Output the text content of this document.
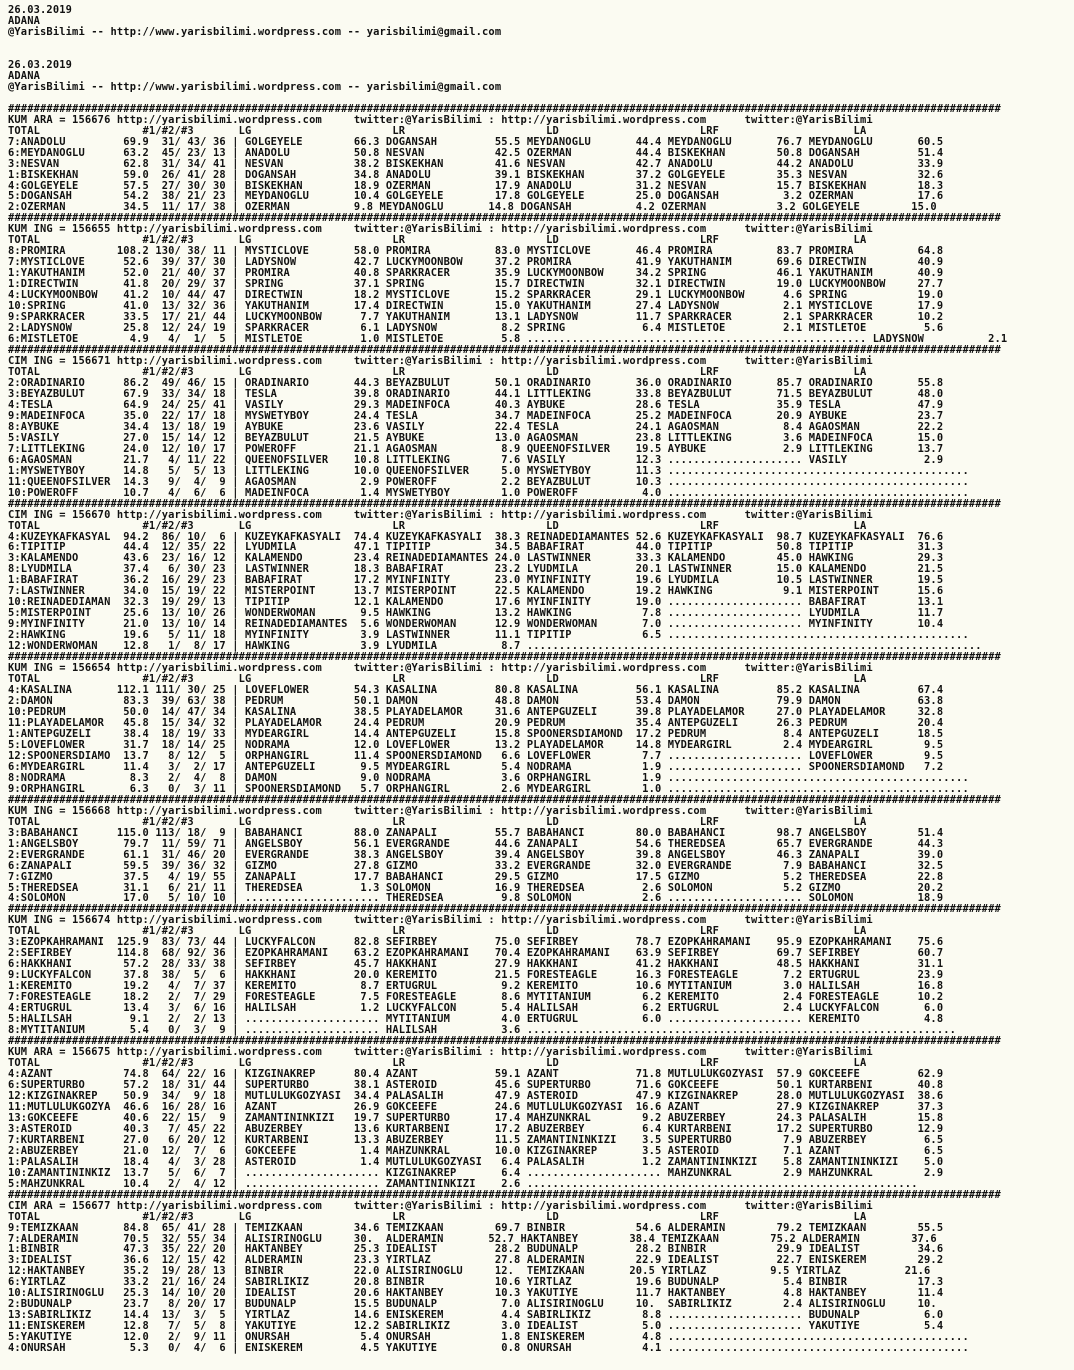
26.03.2019
ADANA
@YarisBilimi -- http://www.yarisbilimi.wordpress.com -- yarisbilimi@gmail.com

26.03.2019
ADANA
@YarisBilimi -- http://www.yarisbilimi.wordpress.com -- yarisbilimi@gmail.com

###########################################################################################################################################################
KUM ARA = 156676 http://yarisbilimi.wordpress.com     twitter:@YarisBilimi : http://yarisbilimi.wordpress.com      twitter:@YarisBilimi
TOTAL                #1/#2/#3       LG                      LR                      LD                      LRF                     LA
7:ANADOLU         69.9  31/ 43/ 36 | GOLGEYELE        66.3 DOGANSAH         55.5 MEYDANOGLU       44.4 MEYDANOGLU       76.7 MEYDANOGLU       60.5
6:MEYDANOGLU      63.2  45/ 23/ 13 | ANADOLU          50.8 NESVAN           42.5 OZERMAN          44.4 BISKEKHAN        50.8 DOGANSAH         51.4
3:NESVAN          62.8  31/ 34/ 41 | NESVAN           38.2 BISKEKHAN        41.6 NESVAN           42.7 ANADOLU          44.2 ANADOLU          33.9
1:BISKEKHAN       59.0  26/ 41/ 28 | DOGANSAH         34.8 ANADOLU          39.1 BISKEKHAN        37.2 GOLGEYELE        35.3 NESVAN           32.6
4:GOLGEYELE       57.5  27/ 30/ 30 | BISKEKHAN        18.9 OZERMAN          17.9 ANADOLU          31.2 NESVAN           15.7 BISKEKHAN        18.3
5:DOGANSAH        54.2  38/ 21/ 23 | MEYDANOGLU       10.4 GOLGEYELE        17.8 GOLGEYELE        25.0 DOGANSAH          3.2 OZERMAN          17.6
2:OZERMAN         34.5  11/ 17/ 38 | OZERMAN          9.8 MEYDANOGLU       14.8 DOGANSAH          4.2 OZERMAN           3.2 GOLGEYELE        15.0
###########################################################################################################################################################
KUM ING = 156655 http://yarisbilimi.wordpress.com     twitter:@YarisBilimi : http://yarisbilimi.wordpress.com      twitter:@YarisBilimi
TOTAL                #1/#2/#3       LG                      LR                      LD                      LRF                     LA
8:PROMIRA        108.2 130/ 38/ 11 | MYSTICLOVE       58.0 PROMIRA          83.0 MYSTICLOVE       46.4 PROMIRA          83.7 PROMIRA          64.8
7:MYSTICLOVE      52.6  39/ 37/ 30 | LADYSNOW         42.7 LUCKYMOONBOW     37.2 PROMIRA          41.9 YAKUTHANIM       69.6 DIRECTWIN        40.9
1:YAKUTHANIM      52.0  21/ 40/ 37 | PROMIRA          40.8 SPARKRACER       35.9 LUCKYMOONBOW     34.2 SPRING           46.1 YAKUTHANIM       40.9
1:DIRECTWIN       41.8  20/ 29/ 37 | SPRING           37.1 SPRING           15.7 DIRECTWIN        32.1 DIRECTWIN        19.0 LUCKYMOONBOW     27.7
4:LUCKYMOONBOW    41.2  10/ 44/ 47 | DIRECTWIN        18.2 MYSTICLOVE       15.2 SPARKRACER       29.1 LUCKYMOONBOW      4.6 SPRING           19.0
10:SPRING         41.0  13/ 32/ 36 | YAKUTHANIM       17.4 DIRECTWIN        15.0 YAKUTHANIM       27.4 LADYSNOW          2.1 MYSTICLOVE       17.9
9:SPARKRACER      33.5  17/ 21/ 44 | LUCKYMOONBOW      7.7 YAKUTHANIM       13.1 LADYSNOW         11.7 SPARKRACER        2.1 SPARKRACER       10.2
2:LADYSNOW        25.8  12/ 24/ 19 | SPARKRACER        6.1 LADYSNOW          8.2 SPRING            6.4 MISTLETOE         2.1 MISTLETOE         5.6
6:MISTLETOE        4.9   4/  1/  5 | MISTLETOE         1.0 MISTLETOE         5.8 ..................................................... LADYSNOW          2.1
###########################################################################################################################################################
CIM ING = 156671 http://yarisbilimi.wordpress.com     twitter:@YarisBilimi : http://yarisbilimi.wordpress.com      twitter:@YarisBilimi
TOTAL                #1/#2/#3       LG                      LR                      LD                      LRF                     LA
2:ORADINARIO      86.2  49/ 46/ 15 | ORADINARIO       44.3 BEYAZBULUT       50.1 ORADINARIO       36.0 ORADINARIO       85.7 ORADINARIO       55.8
3:BEYAZBULUT      67.9  33/ 34/ 18 | TESLA            39.8 ORADINARIO       44.1 LITTLEKING       33.8 BEYAZBULUT       71.5 BEYAZBULUT       48.0
4:TESLA           64.9  24/ 25/ 41 | VASILY           29.3 MADEINFOCA       40.3 AYBUKE           28.6 TESLA            35.9 TESLA            47.9
9:MADEINFOCA      35.0  22/ 17/ 18 | MYSWETYBOY       24.4 TESLA            34.7 MADEINFOCA       25.2 MADEINFOCA       20.9 AYBUKE           23.7
8:AYBUKE          34.4  13/ 18/ 19 | AYBUKE           23.6 VASILY           22.4 TESLA            24.1 AGAOSMAN          8.4 AGAOSMAN         22.2
5:VASILY          27.0  15/ 14/ 12 | BEYAZBULUT       21.5 AYBUKE           13.0 AGAOSMAN         23.8 LITTLEKING        3.6 MADEINFOCA       15.0
7:LITTLEKING      24.0  12/ 10/ 17 | POWEROFF         21.1 AGAOSMAN          8.9 QUEENOFSILVER    19.5 AYBUKE            2.9 LITTLEKING       13.7
6:AGAOSMAN        21.7   4/ 11/ 22 | QUEENOFSILVER    10.8 LITTLEKING        7.6 VASILY           12.3 ..................... VASILY            2.9
1:MYSWETYBOY      14.8   5/  5/ 13 | LITTLEKING       10.0 QUEENOFSILVER     5.0 MYSWETYBOY       11.3 ...............................................
11:QUEENOFSILVER  14.3   9/  4/  9 | AGAOSMAN          2.9 POWEROFF          2.2 BEYAZBULUT       10.3 ...............................................
10:POWEROFF       10.7   4/  6/  6 | MADEINFOCA        1.4 MYSWETYBOY        1.0 POWEROFF          4.0 ...............................................
###########################################################################################################################################################
CIM ING = 156670 http://yarisbilimi.wordpress.com     twitter:@YarisBilimi : http://yarisbilimi.wordpress.com      twitter:@YarisBilimi
TOTAL                #1/#2/#3       LG                      LR                      LD                      LRF                     LA
4:KUZEYKAFKASYAL  94.2  86/ 10/  6 | KUZEYKAFKASYALI  74.4 KUZEYKAFKASYALI  38.3 REINADEDIAMANTES 52.6 KUZEYKAFKASYALI  98.7 KUZEYKAFKASYALI  76.6
6:TIPITIP         44.4  12/ 35/ 22 | LYUDMILA         47.1 TIPITIP          34.5 BABAFIRAT        44.0 TIPITIP          50.8 TIPITIP          31.3
3:KALAMENDO       43.6  23/ 16/ 12 | KALAMENDO        23.4 REINADEDIAMANTES 24.0 LASTWINNER       33.3 KALAMENDO        45.0 HAWKING          29.3
8:LYUDMILA        37.4   6/ 30/ 23 | LASTWINNER       18.3 BABAFIRAT        23.2 LYUDMILA         20.1 LASTWINNER       15.0 KALAMENDO        21.5
1:BABAFIRAT       36.2  16/ 29/ 23 | BABAFIRAT        17.2 MYINFINITY       23.0 MYINFINITY       19.6 LYUDMILA         10.5 LASTWINNER       19.5
7:LASTWINNER      34.0  15/ 19/ 22 | MISTERPOINT      13.7 MISTERPOINT      22.5 KALAMENDO        19.2 HAWKING           9.1 MISTERPOINT      15.6
10:REINADEDIAMAN  32.3  19/ 29/ 13 | TIPITIP          12.1 KALAMENDO        17.6 MYINFINITY       19.0 ..................... BABAFIRAT        13.1
5:MISTERPOINT     25.6  13/ 10/ 26 | WONDERWOMAN       9.5 HAWKING          13.2 HAWKING           7.8 ..................... LYUDMILA         11.7
9:MYINFINITY      21.0  13/ 10/ 14 | REINADEDIAMANTES  5.6 WONDERWOMAN      12.9 WONDERWOMAN       7.0 ..................... MYINFINITY       10.4
2:HAWKING         19.6   5/ 11/ 18 | MYINFINITY        3.9 LASTWINNER       11.1 TIPITIP           6.5 ...............................................
12:WONDERWOMAN    12.8   1/  8/ 17 | HAWKING           3.9 LYUDMILA          8.7 .......................................................................
###########################################################################################################################################################
KUM ING = 156654 http://yarisbilimi.wordpress.com     twitter:@YarisBilimi : http://yarisbilimi.wordpress.com      twitter:@YarisBilimi
TOTAL                #1/#2/#3       LG                      LR                      LD                      LRF                     LA
4:KASALINA       112.1 111/ 30/ 25 | LOVEFLOWER       54.3 KASALINA         80.8 KASALINA         56.1 KASALINA         85.2 KASALINA         67.4
2:DAMON           83.3  39/ 63/ 38 | PEDRUM           50.1 DAMON            48.8 DAMON            53.4 DAMON            79.9 DAMON            63.8
10:PEDRUM         50.0  14/ 47/ 34 | KASALINA         38.5 PLAYADELAMOR     31.6 ANTEPGUZELI      39.8 PLAYADELAMOR     27.0 PLAYADELAMOR     32.8
11:PLAYADELAMOR   45.8  15/ 34/ 32 | PLAYADELAMOR     24.4 PEDRUM           20.9 PEDRUM           35.4 ANTEPGUZELI      26.3 PEDRUM           20.4
1:ANTEPGUZELI     38.4  18/ 19/ 33 | MYDEARGIRL       14.4 ANTEPGUZELI      15.8 SPOONERSDIAMOND  17.2 PEDRUM            8.4 ANTEPGUZELI      18.5
5:LOVEFLOWER      31.7  18/ 14/ 25 | NODRAMA          12.0 LOVEFLOWER       13.2 PLAYADELAMOR     14.8 MYDEARGIRL        2.4 MYDEARGIRL        9.5
12:SPOONERSDIAMO  13.7   8/ 12/  5 | ORPHANGIRL       11.4 SPOONERSDIAMOND   6.6 LOVEFLOWER        7.7 ..................... LOVEFLOWER        9.5
6:MYDEARGIRL      11.4   3/  2/ 17 | ANTEPGUZELI       9.5 MYDEARGIRL        5.4 NODRAMA           1.9 ..................... SPOONERSDIAMOND   7.2
8:NODRAMA          8.3   2/  4/  8 | DAMON             9.0 NODRAMA           3.6 ORPHANGIRL        1.9 ...............................................
9:ORPHANGIRL       6.3   0/  3/ 11 | SPOONERSDIAMOND   5.7 ORPHANGIRL        2.6 MYDEARGIRL        1.0 ...............................................
###########################################################################################################################################################
KUM ING = 156668 http://yarisbilimi.wordpress.com     twitter:@YarisBilimi : http://yarisbilimi.wordpress.com      twitter:@YarisBilimi
TOTAL                #1/#2/#3       LG                      LR                      LD                      LRF                     LA
3:BABAHANCI      115.0 113/ 18/  9 | BABAHANCI        88.0 ZANAPALI         55.7 BABAHANCI        80.0 BABAHANCI        98.7 ANGELSBOY        51.4
1:ANGELSBOY       79.7  11/ 59/ 71 | ANGELSBOY        56.1 EVERGRANDE       44.6 ZANAPALI         54.6 THEREDSEA        65.7 EVERGRANDE       44.3
2:EVERGRANDE      61.1  31/ 46/ 20 | EVERGRANDE       38.3 ANGELSBOY        39.4 ANGELSBOY        39.8 ANGELSBOY        46.3 ZANAPALI         39.0
6:ZANAPALI        59.5  39/ 36/ 32 | GIZMO            27.8 GIZMO            33.2 EVERGRANDE       32.0 EVERGRANDE        7.9 BABAHANCI        32.5
7:GIZMO           37.5   4/ 19/ 55 | ZANAPALI         17.7 BABAHANCI        29.5 GIZMO            17.5 GIZMO             5.2 THEREDSEA        22.8
5:THEREDSEA       31.1   6/ 21/ 11 | THEREDSEA         1.3 SOLOMON          16.9 THEREDSEA         2.6 SOLOMON           5.2 GIZMO            20.2
4:SOLOMON         17.0   5/ 10/ 10 | ..................... THEREDSEA         9.8 SOLOMON           2.6 ..................... SOLOMON          18.9
###########################################################################################################################################################
KUM ING = 156674 http://yarisbilimi.wordpress.com     twitter:@YarisBilimi : http://yarisbilimi.wordpress.com      twitter:@YarisBilimi
TOTAL                #1/#2/#3       LG                      LR                      LD                      LRF                     LA
3:EZOPKAHRAMANI  125.9  83/ 73/ 44 | LUCKYFALCON      82.8 SEFIRBEY         75.0 SEFIRBEY         78.7 EZOPKAHRAMANI    95.9 EZOPKAHRAMANI    75.6
2:SEFIRBEY       114.8  68/ 92/ 36 | EZOPKAHRAMANI    63.2 EZOPKAHRAMANI    70.4 EZOPKAHRAMANI    63.9 SEFIRBEY         69.7 SEFIRBEY         60.7
6:HAKKHANI        57.2  28/ 33/ 38 | SEFIRBEY         45.7 HAKKHANI         27.9 HAKKHANI         41.2 HAKKHANI         48.5 HAKKHANI         31.1
9:LUCKYFALCON     37.8  38/  5/  6 | HAKKHANI         20.0 KEREMITO         21.5 FORESTEAGLE      16.3 FORESTEAGLE       7.2 ERTUGRUL         23.9
1:KEREMITO        19.2   4/  7/ 37 | KEREMITO          8.7 ERTUGRUL          9.2 KEREMITO         10.6 MYTITANIUM        3.0 HALILSAH         16.8
7:FORESTEAGLE     18.2   2/  7/ 29 | FORESTEAGLE       7.5 FORESTEAGLE       8.6 MYTITANIUM        6.2 KEREMITO          2.4 FORESTEAGLE      10.2
4:ERTUGRUL        13.4   3/  6/ 16 | HALILSAH          1.2 LUCKYFALCON       5.4 HALILSAH          6.2 ERTUGRUL          2.4 LUCKYFALCON       6.0
5:HALILSAH         9.1   2/  2/ 13 | ..................... MYTITANIUM        4.0 ERTUGRUL          6.0 ..................... KEREMITO          4.8
8:MYTITANIUM       5.4   0/  3/  9 | ..................... HALILSAH          3.6 ...................................................................
###########################################################################################################################################################
KUM ARA = 156675 http://yarisbilimi.wordpress.com     twitter:@YarisBilimi : http://yarisbilimi.wordpress.com      twitter:@YarisBilimi
TOTAL                #1/#2/#3       LG                      LR                      LD                      LRF                     LA
4:AZANT           74.8  64/ 22/ 16 | KIZGINAKREP      80.4 AZANT            59.1 AZANT            71.8 MUTLULUKGOZYASI  57.9 GOKCEEFE         62.9
6:SUPERTURBO      57.2  18/ 31/ 44 | SUPERTURBO       38.1 ASTEROID         45.6 SUPERTURBO       71.6 GOKCEEFE         50.1 KURTARBENI       40.8
12:KIZGINAKREP    50.9  34/  9/ 18 | MUTLULUKGOZYASI  34.4 PALASALIH        47.9 ASTEROID         47.9 KIZGINAKREP      28.0 MUTLULUKGOZYASI  38.6
11:MUTLULUKGOZYA  46.6  16/ 28/ 16 | AZANT            26.9 GOKCEEFE         24.6 MUTLULUKGOZYASI  16.6 AZANT            27.9 KIZGINAKREP      37.3
13:GOKCEEFE       40.6  22/ 15/  9 | ZAMANTININKIZI   19.7 SUPERTURBO       17.4 MAHZUNKRAL        9.2 ABUZERBEY        24.3 PALASALIH        15.8
3:ASTEROID        40.3   7/ 45/ 22 | ABUZERBEY        13.6 KURTARBENI       17.2 ABUZERBEY         6.4 KURTARBENI       17.2 SUPERTURBO       12.9
7:KURTARBENI      27.0   6/ 20/ 12 | KURTARBENI       13.3 ABUZERBEY        11.5 ZAMANTININKIZI    3.5 SUPERTURBO        7.9 ABUZERBEY         6.5
2:ABUZERBEY       21.0  12/  7/  6 | GOKCEEFE          1.4 MAHZUNKRAL       10.0 KIZGINAKREP       3.5 ASTEROID          7.1 AZANT             6.5
1:PALASALIH       18.4   4/  3/ 28 | ASTEROID          1.4 MUTLULUKGOZYASI   6.4 PALASALIH         1.2 ZAMANTININKIZI    5.8 ZAMANTININKIZI    5.0
10:ZAMANTININKIZ  13.7   5/  6/  7 | ..................... KIZGINAKREP       6.4 ..................... MAHZUNKRAL        2.9 MAHZUNKRAL        2.9
5:MAHZUNKRAL      10.4   2/  4/ 12 | ..................... ZAMANTININKIZI    2.6 .............................................................
###########################################################################################################################################################
CIM ARA = 156677 http://yarisbilimi.wordpress.com     twitter:@YarisBilimi : http://yarisbilimi.wordpress.com      twitter:@YarisBilimi
TOTAL                #1/#2/#3       LG                      LR                      LD                      LRF                     LA
9:TEMIZKAAN       84.8  65/ 41/ 28 | TEMIZKAAN        34.6 TEMIZKAAN        69.7 BINBIR           54.6 ALDERAMIN        79.2 TEMIZKAAN        55.5
7:ALDERAMIN       70.5  32/ 55/ 34 | ALISIRINOGLU     30.  ALDERAMIN       52.7 HAKTANBEY        38.4 TEMIZKAAN        75.2 ALDERAMIN        37.6
1:BINBIR          47.3  35/ 22/ 20 | HAKTANBEY        25.3 IDEALIST         28.2 BUDUNALP         28.2 BINBIR           29.9 IDEALIST         34.6
3:IDEALIST        36.6  12/ 15/ 42 | ALDERAMIN        23.3 YIRTLAZ          27.8 ALDERAMIN        22.9 IDEALIST         22.7 ENISKEREM        29.2
12:HAKTANBEY      35.2  19/ 28/ 13 | BINBIR           22.0 ALISIRINOGLU     12.  TEMIZKAAN       20.5 YIRTLAZ          9.5 YIRTLAZ          21.6
6:YIRTLAZ         33.2  21/ 16/ 24 | SABIRLIKIZ       20.8 BINBIR           10.6 YIRTLAZ          19.6 BUDUNALP          5.4 BINBIR           17.3
10:ALISIRINOGLU   25.3  14/ 10/ 20 | IDEALIST         20.6 HAKTANBEY        10.3 YAKUTIYE         11.7 HAKTANBEY         4.8 HAKTANBEY        11.4
2:BUDUNALP        23.7   8/ 20/ 17 | BUDUNALP         15.5 BUDUNALP          7.0 ALISIRINOGLU     10.  SABIRLIKIZ        2.4 ALISIRINOGLU     10.
13:SABIRLIKIZ     14.4  13/  3/  5 | YIRTLAZ          14.6 ENISKEREM         4.4 SABIRLIKIZ        8.8 ..................... BUDUNALP          6.0
11:ENISKEREM      12.8   7/  5/  8 | YAKUTIYE         12.2 SABIRLIKIZ        3.0 IDEALIST          5.0 ..................... YAKUTIYE          5.4
5:YAKUTIYE        12.0   2/  9/ 11 | ONURSAH           5.4 ONURSAH           1.8 ENISKEREM         4.8 ...............................................
4:ONURSAH          5.3   0/  4/  6 | ENISKEREM         4.5 YAKUTIYE          0.8 ONURSAH           4.1 ...............................................
